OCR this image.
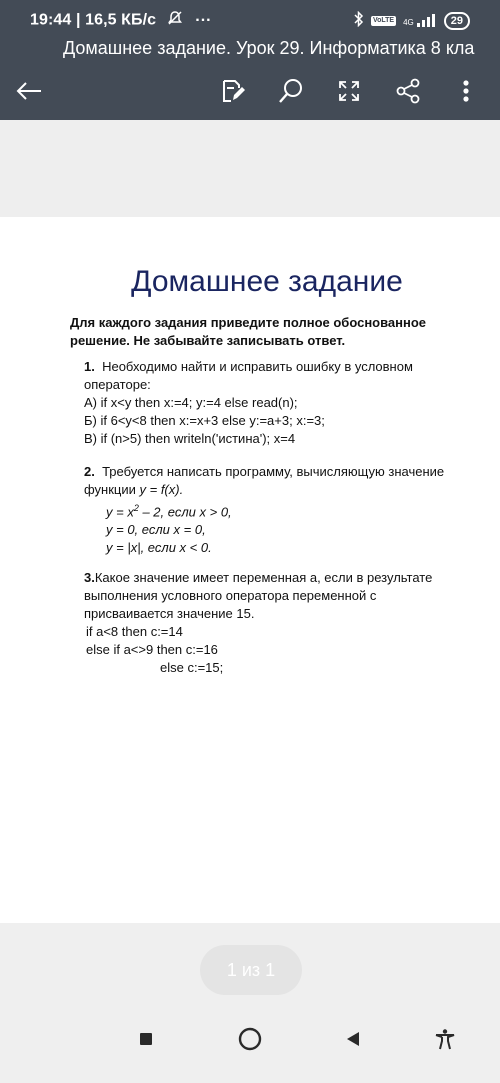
19:44 | 16,5 КБ/с ···	VoLTE 4G	29
Домашнее задание. Урок 29. Информатика 8 кла
Домашнее задание
Для каждого задания приведите полное обоснованное
решение. Не забывайте записывать ответ.
1. Необходимо найти и исправить ошибку в условном
операторе:
А) if x<y then x:=4; y:=4 else read(n);
Б) if 6<y<8 then x:=x+3 else y:=a+3; x:=3;
В) if (n>5) then writeln('истина'); x=4
2. Требуется написать программу, вычисляющую значение
функции y = f(x).
$y = x^2 - 2$, если x > 0,
y = 0, если x = 0,
y = |x|, если x < 0.
3.Какое значение имеет переменная а, если в результате
выполнения условного оператора переменной с
присваивается значение 15.
if a<8 then c:=14
else if a<>9 then c:=16
else c:=15;
1 из 1
